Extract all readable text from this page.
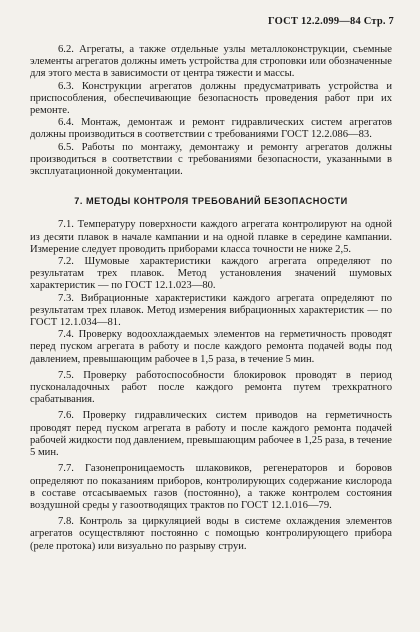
ГОСТ 12.2.099—84 Стр. 7

6.2. Агрегаты, а также отдельные узлы металлоконструкции, съемные элементы агрегатов должны иметь устройства для строповки или обозначенные для этого места в зависимости от центра тяжести и массы.

6.3. Конструкции агрегатов должны предусматривать устройства и приспособления, обеспечивающие безопасность проведения работ при их ремонте.

6.4. Монтаж, демонтаж и ремонт гидравлических систем агрегатов должны производиться в соответствии с требованиями ГОСТ 12.2.086—83.

6.5. Работы по монтажу, демонтажу и ремонту агрегатов должны производиться в соответствии с требованиями безопасности, указанными в эксплуатационной документации.

7. МЕТОДЫ КОНТРОЛЯ ТРЕБОВАНИЙ БЕЗОПАСНОСТИ

7.1. Температуру поверхности каждого агрегата контролируют на одной из десяти плавок в начале кампании и на одной плавке в середине кампании. Измерение следует проводить приборами класса точности не ниже 2,5.

7.2. Шумовые характеристики каждого агрегата определяют по результатам трех плавок. Метод установления значений шумовых характеристик — по ГОСТ 12.1.023—80.

7.3. Вибрационные характеристики каждого агрегата определяют по результатам трех плавок. Метод измерения вибрационных характеристик — по ГОСТ 12.1.034—81.

7.4. Проверку водоохлаждаемых элементов на герметичность проводят перед пуском агрегата в работу и после каждого ремонта подачей воды под давлением, превышающим рабочее в 1,5 раза, в течение 5 мин.

7.5. Проверку работоспособности блокировок проводят в период пусконаладочных работ после каждого ремонта путем трехкратного срабатывания.

7.6. Проверку гидравлических систем приводов на герметичность проводят перед пуском агрегата в работу и после каждого ремонта подачей рабочей жидкости под давлением, превышающим рабочее в 1,25 раза, в течение 5 мин.

7.7. Газонепроницаемость шлаковиков, регенераторов и боровов определяют по показаниям приборов, контролирующих содержание кислорода в составе отсасываемых газов (постоянно), а также контролем состояния воздушной среды у газоотводящих трактов по ГОСТ 12.1.016—79.

7.8. Контроль за циркуляцией воды в системе охлаждения элементов агрегатов осуществляют постоянно с помощью контролирующего прибора (реле протока) или визуально по разрыву струи.
